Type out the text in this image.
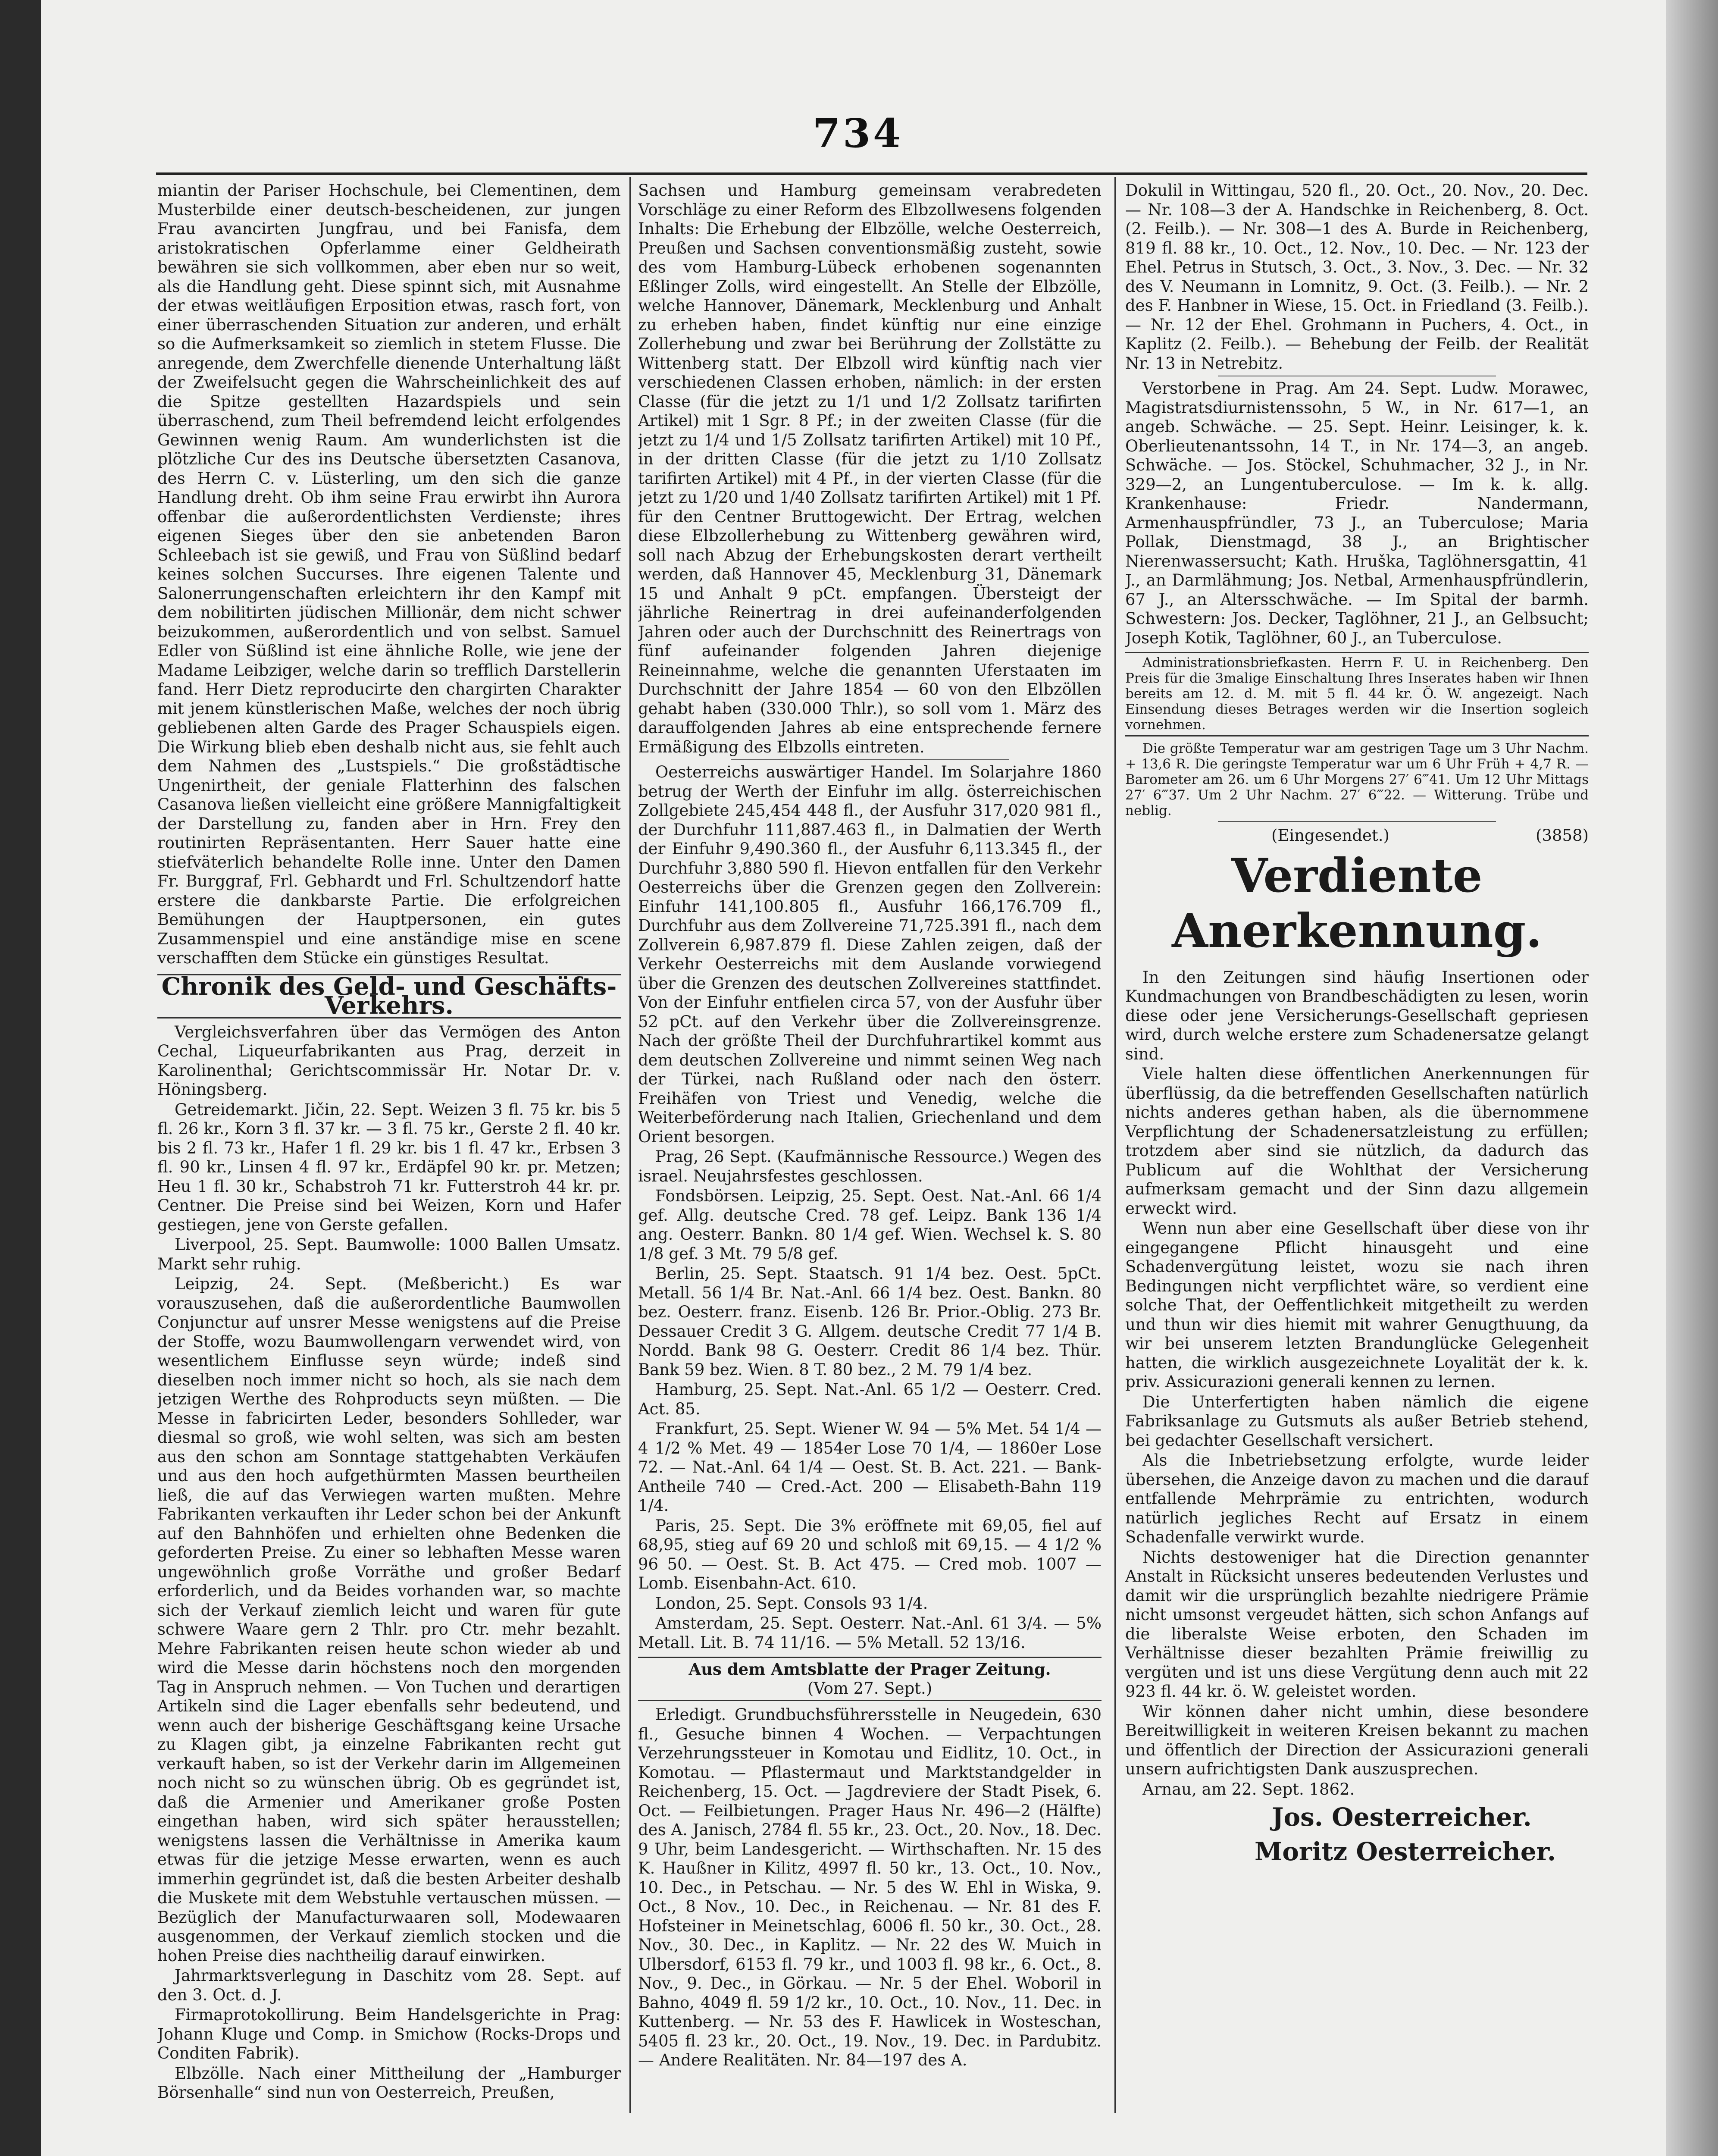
734

miantin der Pariser Hochschule, bei Clementinen, dem Musterbilde einer deutsch-bescheidenen, zur jungen Frau avancirten Jungfrau, und bei Fanisfa, dem aristokratischen Opferlamme einer Geldheirath bewähren sie sich vollkommen, aber eben nur so weit, als die Handlung geht. Diese spinnt sich, mit Ausnahme der etwas weitläufigen Erposition etwas, rasch fort, von einer überraschenden Situation zur anderen, und erhält so die Aufmerksamkeit so ziemlich in stetem Flusse. Die anregende, dem Zwerchfelle dienende Unterhaltung läßt der Zweifelsucht gegen die Wahrscheinlichkeit des auf die Spitze gestellten Hazardspiels und sein überraschend, zum Theil befremdend leicht erfolgendes Gewinnen wenig Raum. Am wunderlichsten ist die plötzliche Cur des ins Deutsche übersetzten Casanova, des Herrn C. v. Lüsterling, um den sich die ganze Handlung dreht. Ob ihm seine Frau erwirbt ihn Aurora offenbar die außerordentlichsten Verdienste; ihres eigenen Sieges über den sie anbetenden Baron Schleebach ist sie gewiß, und Frau von Süßlind bedarf keines solchen Succurses. Ihre eigenen Talente und Salonerrungenschaften erleichtern ihr den Kampf mit dem nobilitirten jüdischen Millionär, dem nicht schwer beizukommen, außerordentlich und von selbst. Samuel Edler von Süßlind ist eine ähnliche Rolle, wie jene der Madame Leibziger, welche darin so trefflich Darstellerin fand. Herr Dietz reproducirte den chargirten Charakter mit jenem künstlerischen Maße, welches der noch übrig gebliebenen alten Garde des Prager Schauspiels eigen. Die Wirkung blieb eben deshalb nicht aus, sie fehlt auch dem Nahmen des „Lustspiels.“ Die großstädtische Ungenirtheit, der geniale Flatterhinn des falschen Casanova ließen vielleicht eine größere Mannigfaltigkeit der Darstellung zu, fanden aber in Hrn. Frey den routinirten Repräsentanten. Herr Sauer hatte eine stiefväterlich behandelte Rolle inne. Unter den Damen Fr. Burggraf, Frl. Gebhardt und Frl. Schultzendorf hatte erstere die dankbarste Partie. Die erfolgreichen Bemühungen der Hauptpersonen, ein gutes Zusammenspiel und eine anständige mise en scene verschafften dem Stücke ein günstiges Resultat.

Chronik des Geld- und Geschäfts-Verkehrs.

Vergleichsverfahren über das Vermögen des Anton Cechal, Liqueurfabrikanten aus Prag, derzeit in Karolinenthal; Gerichtscommissär Hr. Notar Dr. v. Höningsberg.

Getreidemarkt. Jičin, 22. Sept. Weizen 3 fl. 75 kr. bis 5 fl. 26 kr., Korn 3 fl. 37 kr. — 3 fl. 75 kr., Gerste 2 fl. 40 kr. bis 2 fl. 73 kr., Hafer 1 fl. 29 kr. bis 1 fl. 47 kr., Erbsen 3 fl. 90 kr., Linsen 4 fl. 97 kr., Erdäpfel 90 kr. pr. Metzen; Heu 1 fl. 30 kr., Schabstroh 71 kr. Futterstroh 44 kr. pr. Centner. Die Preise sind bei Weizen, Korn und Hafer gestiegen, jene von Gerste gefallen.

Liverpool, 25. Sept. Baumwolle: 1000 Ballen Umsatz. Markt sehr ruhig.

Leipzig, 24. Sept. (Meßbericht.) Es war vorauszusehen, daß die außerordentliche Baumwollen Conjunctur auf unsrer Messe wenigstens auf die Preise der Stoffe, wozu Baumwollengarn verwendet wird, von wesentlichem Einflusse seyn würde; indeß sind dieselben noch immer nicht so hoch, als sie nach dem jetzigen Werthe des Rohproducts seyn müßten. — Die Messe in fabricirten Leder, besonders Sohlleder, war diesmal so groß, wie wohl selten, was sich am besten aus den schon am Sonntage stattgehabten Verkäufen und aus den hoch aufgethürmten Massen beurtheilen ließ, die auf das Verwiegen warten mußten. Mehre Fabrikanten verkauften ihr Leder schon bei der Ankunft auf den Bahnhöfen und erhielten ohne Bedenken die geforderten Preise. Zu einer so lebhaften Messe waren ungewöhnlich große Vorräthe und großer Bedarf erforderlich, und da Beides vorhanden war, so machte sich der Verkauf ziemlich leicht und waren für gute schwere Waare gern 2 Thlr. pro Ctr. mehr bezahlt. Mehre Fabrikanten reisen heute schon wieder ab und wird die Messe darin höchstens noch den morgenden Tag in Anspruch nehmen. — Von Tuchen und derartigen Artikeln sind die Lager ebenfalls sehr bedeutend, und wenn auch der bisherige Geschäftsgang keine Ursache zu Klagen gibt, ja einzelne Fabrikanten recht gut verkauft haben, so ist der Verkehr darin im Allgemeinen noch nicht so zu wünschen übrig. Ob es gegründet ist, daß die Armenier und Amerikaner große Posten eingethan haben, wird sich später herausstellen; wenigstens lassen die Verhältnisse in Amerika kaum etwas für die jetzige Messe erwarten, wenn es auch immerhin gegründet ist, daß die besten Arbeiter deshalb die Muskete mit dem Webstuhle vertauschen müssen. — Bezüglich der Manufacturwaaren soll, Modewaaren ausgenommen, der Verkauf ziemlich stocken und die hohen Preise dies nachtheilig darauf einwirken.

Jahrmarktsverlegung in Daschitz vom 28. Sept. auf den 3. Oct. d. J.

Firmaprotokollirung. Beim Handelsgerichte in Prag: Johann Kluge und Comp. in Smichow (Rocks-Drops und Conditen Fabrik).

Elbzölle. Nach einer Mittheilung der „Hamburger Börsenhalle“ sind nun von Oesterreich, Preußen,

Sachsen und Hamburg gemeinsam verabredeten Vorschläge zu einer Reform des Elbzollwesens folgenden Inhalts: Die Erhebung der Elbzölle, welche Oesterreich, Preußen und Sachsen conventionsmäßig zusteht, sowie des vom Hamburg-Lübeck erhobenen sogenannten Eßlinger Zolls, wird eingestellt. An Stelle der Elbzölle, welche Hannover, Dänemark, Mecklenburg und Anhalt zu erheben haben, findet künftig nur eine einzige Zollerhebung und zwar bei Berührung der Zollstätte zu Wittenberg statt. Der Elbzoll wird künftig nach vier verschiedenen Classen erhoben, nämlich: in der ersten Classe (für die jetzt zu 1/1 und 1/2 Zollsatz tarifirten Artikel) mit 1 Sgr. 8 Pf.; in der zweiten Classe (für die jetzt zu 1/4 und 1/5 Zollsatz tarifirten Artikel) mit 10 Pf., in der dritten Classe (für die jetzt zu 1/10 Zollsatz tarifirten Artikel) mit 4 Pf., in der vierten Classe (für die jetzt zu 1/20 und 1/40 Zollsatz tarifirten Artikel) mit 1 Pf. für den Centner Bruttogewicht. Der Ertrag, welchen diese Elbzollerhebung zu Wittenberg gewähren wird, soll nach Abzug der Erhebungskosten derart vertheilt werden, daß Hannover 45, Mecklenburg 31, Dänemark 15 und Anhalt 9 pCt. empfangen. Übersteigt der jährliche Reinertrag in drei aufeinanderfolgenden Jahren oder auch der Durchschnitt des Reinertrags von fünf aufeinander folgenden Jahren diejenige Reineinnahme, welche die genannten Uferstaaten im Durchschnitt der Jahre 1854 — 60 von den Elbzöllen gehabt haben (330.000 Thlr.), so soll vom 1. März des darauffolgenden Jahres ab eine entsprechende fernere Ermäßigung des Elbzolls eintreten.

Oesterreichs auswärtiger Handel. Im Solarjahre 1860 betrug der Werth der Einfuhr im allg. österreichischen Zollgebiete 245,454 448 fl., der Ausfuhr 317,020 981 fl., der Durchfuhr 111,887.463 fl., in Dalmatien der Werth der Einfuhr 9,490.360 fl., der Ausfuhr 6,113.345 fl., der Durchfuhr 3,880 590 fl. Hievon entfallen für den Verkehr Oesterreichs über die Grenzen gegen den Zollverein: Einfuhr 141,100.805 fl., Ausfuhr 166,176.709 fl., Durchfuhr aus dem Zollvereine 71,725.391 fl., nach dem Zollverein 6,987.879 fl. Diese Zahlen zeigen, daß der Verkehr Oesterreichs mit dem Auslande vorwiegend über die Grenzen des deutschen Zollvereines stattfindet. Von der Einfuhr entfielen circa 57, von der Ausfuhr über 52 pCt. auf den Verkehr über die Zollvereinsgrenze. Nach der größte Theil der Durchfuhrartikel kommt aus dem deutschen Zollvereine und nimmt seinen Weg nach der Türkei, nach Rußland oder nach den österr. Freihäfen von Triest und Venedig, welche die Weiterbeförderung nach Italien, Griechenland und dem Orient besorgen.

Prag, 26 Sept. (Kaufmännische Ressource.) Wegen des israel. Neujahrsfestes geschlossen.

Fondsbörsen. Leipzig, 25. Sept. Oest. Nat.-Anl. 66 1/4 gef. Allg. deutsche Cred. 78 gef. Leipz. Bank 136 1/4 ang. Oesterr. Bankn. 80 1/4 gef. Wien. Wechsel k. S. 80 1/8 gef. 3 Mt. 79 5/8 gef.

Berlin, 25. Sept. Staatsch. 91 1/4 bez. Oest. 5pCt. Metall. 56 1/4 Br. Nat.-Anl. 66 1/4 bez. Oest. Bankn. 80 bez. Oesterr. franz. Eisenb. 126 Br. Prior.-Oblig. 273 Br. Dessauer Credit 3 G. Allgem. deutsche Credit 77 1/4 B. Nordd. Bank 98 G. Oesterr. Credit 86 1/4 bez. Thür. Bank 59 bez. Wien. 8 T. 80 bez., 2 M. 79 1/4 bez.

Hamburg, 25. Sept. Nat.-Anl. 65 1/2 — Oesterr. Cred. Act. 85.

Frankfurt, 25. Sept. Wiener W. 94 — 5% Met. 54 1/4 — 4 1/2 % Met. 49 — 1854er Lose 70 1/4, — 1860er Lose 72. — Nat.-Anl. 64 1/4 — Oest. St. B. Act. 221. — Bank-Antheile 740 — Cred.-Act. 200 — Elisabeth-Bahn 119 1/4.

Paris, 25. Sept. Die 3% eröffnete mit 69,05, fiel auf 68,95, stieg auf 69 20 und schloß mit 69,15. — 4 1/2 % 96 50. — Oest. St. B. Act 475. — Cred mob. 1007 — Lomb. Eisenbahn-Act. 610.

London, 25. Sept. Consols 93 1/4.

Amsterdam, 25. Sept. Oesterr. Nat.-Anl. 61 3/4. — 5% Metall. Lit. B. 74 11/16. — 5% Metall. 52 13/16.

Aus dem Amtsblatte der Prager Zeitung.
(Vom 27. Sept.)

Erledigt. Grundbuchsführersstelle in Neugedein, 630 fl., Gesuche binnen 4 Wochen. — Verpachtungen Verzehrungssteuer in Komotau und Eidlitz, 10. Oct., in Komotau. — Pflastermaut und Marktstandgelder in Reichenberg, 15. Oct. — Jagdreviere der Stadt Pisek, 6. Oct. — Feilbietungen. Prager Haus Nr. 496—2 (Hälfte) des A. Janisch, 2784 fl. 55 kr., 23. Oct., 20. Nov., 18. Dec. 9 Uhr, beim Landesgericht. — Wirthschaften. Nr. 15 des K. Haußner in Kilitz, 4997 fl. 50 kr., 13. Oct., 10. Nov., 10. Dec., in Petschau. — Nr. 5 des W. Ehl in Wiska, 9. Oct., 8 Nov., 10. Dec., in Reichenau. — Nr. 81 des F. Hofsteiner in Meinetschlag, 6006 fl. 50 kr., 30. Oct., 28. Nov., 30. Dec., in Kaplitz. — Nr. 22 des W. Muich in Ulbersdorf, 6153 fl. 79 kr., und 1003 fl. 98 kr., 6. Oct., 8. Nov., 9. Dec., in Görkau. — Nr. 5 der Ehel. Woboril in Bahno, 4049 fl. 59 1/2 kr., 10. Oct., 10. Nov., 11. Dec. in Kuttenberg. — Nr. 53 des F. Hawlicek in Wosteschan, 5405 fl. 23 kr., 20. Oct., 19. Nov., 19. Dec. in Pardubitz. — Andere Realitäten. Nr. 84—197 des A.

Dokulil in Wittingau, 520 fl., 20. Oct., 20. Nov., 20. Dec. — Nr. 108—3 der A. Handschke in Reichenberg, 8. Oct. (2. Feilb.). — Nr. 308—1 des A. Burde in Reichenberg, 819 fl. 88 kr., 10. Oct., 12. Nov., 10. Dec. — Nr. 123 der Ehel. Petrus in Stutsch, 3. Oct., 3. Nov., 3. Dec. — Nr. 32 des V. Neumann in Lomnitz, 9. Oct. (3. Feilb.). — Nr. 2 des F. Hanbner in Wiese, 15. Oct. in Friedland (3. Feilb.). — Nr. 12 der Ehel. Grohmann in Puchers, 4. Oct., in Kaplitz (2. Feilb.). — Behebung der Feilb. der Realität Nr. 13 in Netrebitz.

Verstorbene in Prag. Am 24. Sept. Ludw. Morawec, Magistratsdiurnistenssohn, 5 W., in Nr. 617—1, an angeb. Schwäche. — 25. Sept. Heinr. Leisinger, k. k. Oberlieutenantssohn, 14 T., in Nr. 174—3, an angeb. Schwäche. — Jos. Stöckel, Schuhmacher, 32 J., in Nr. 329—2, an Lungentuberculose. — Im k. k. allg. Krankenhause: Friedr. Nandermann, Armenhauspfründler, 73 J., an Tuberculose; Maria Pollak, Dienstmagd, 38 J., an Brightischer Nierenwassersucht; Kath. Hruška, Taglöhnersgattin, 41 J., an Darmlähmung; Jos. Netbal, Armenhauspfründlerin, 67 J., an Altersschwäche. — Im Spital der barmh. Schwestern: Jos. Decker, Taglöhner, 21 J., an Gelbsucht; Joseph Kotik, Taglöhner, 60 J., an Tuberculose.

Administrationsbriefkasten. Herrn F. U. in Reichenberg. Den Preis für die 3malige Einschaltung Ihres Inserates haben wir Ihnen bereits am 12. d. M. mit 5 fl. 44 kr. Ö. W. angezeigt. Nach Einsendung dieses Betrages werden wir die Insertion sogleich vornehmen.

Die größte Temperatur war am gestrigen Tage um 3 Uhr Nachm. + 13,6 R. Die geringste Temperatur war um 6 Uhr Früh + 4,7 R. — Barometer am 26. um 6 Uhr Morgens 27′ 6‴41. Um 12 Uhr Mittags 27′ 6‴37. Um 2 Uhr Nachm. 27′ 6‴22. — Witterung. Trübe und neblig.

(Eingesendet.)	(3858)
Verdiente Anerkennung.

In den Zeitungen sind häufig Insertionen oder Kundmachungen von Brandbeschädigten zu lesen, worin diese oder jene Versicherungs-Gesellschaft gepriesen wird, durch welche erstere zum Schadenersatze gelangt sind.

Viele halten diese öffentlichen Anerkennungen für überflüssig, da die betreffenden Gesellschaften natürlich nichts anderes gethan haben, als die übernommene Verpflichtung der Schadenersatzleistung zu erfüllen; trotzdem aber sind sie nützlich, da dadurch das Publicum auf die Wohlthat der Versicherung aufmerksam gemacht und der Sinn dazu allgemein erweckt wird.

Wenn nun aber eine Gesellschaft über diese von ihr eingegangene Pflicht hinausgeht und eine Schadenvergütung leistet, wozu sie nach ihren Bedingungen nicht verpflichtet wäre, so verdient eine solche That, der Oeffentlichkeit mitgetheilt zu werden und thun wir dies hiemit mit wahrer Genugthuung, da wir bei unserem letzten Brandunglücke Gelegenheit hatten, die wirklich ausgezeichnete Loyalität der k. k. priv. Assicurazioni generali kennen zu lernen.

Die Unterfertigten haben nämlich die eigene Fabriksanlage zu Gutsmuts als außer Betrieb stehend, bei gedachter Gesellschaft versichert.

Als die Inbetriebsetzung erfolgte, wurde leider übersehen, die Anzeige davon zu machen und die darauf entfallende Mehrprämie zu entrichten, wodurch natürlich jegliches Recht auf Ersatz in einem Schadenfalle verwirkt wurde.

Nichts destoweniger hat die Direction genannter Anstalt in Rücksicht unseres bedeutenden Verlustes und damit wir die ursprünglich bezahlte niedrigere Prämie nicht umsonst vergeudet hätten, sich schon Anfangs auf die liberalste Weise erboten, den Schaden im Verhältnisse dieser bezahlten Prämie freiwillig zu vergüten und ist uns diese Vergütung denn auch mit 22 923 fl. 44 kr. ö. W. geleistet worden.

Wir können daher nicht umhin, diese besondere Bereitwilligkeit in weiteren Kreisen bekannt zu machen und öffentlich der Direction der Assicurazioni generali unsern aufrichtigsten Dank auszusprechen.

Arnau, am 22. Sept. 1862.

Jos. Oesterreicher.
Moritz Oesterreicher.
